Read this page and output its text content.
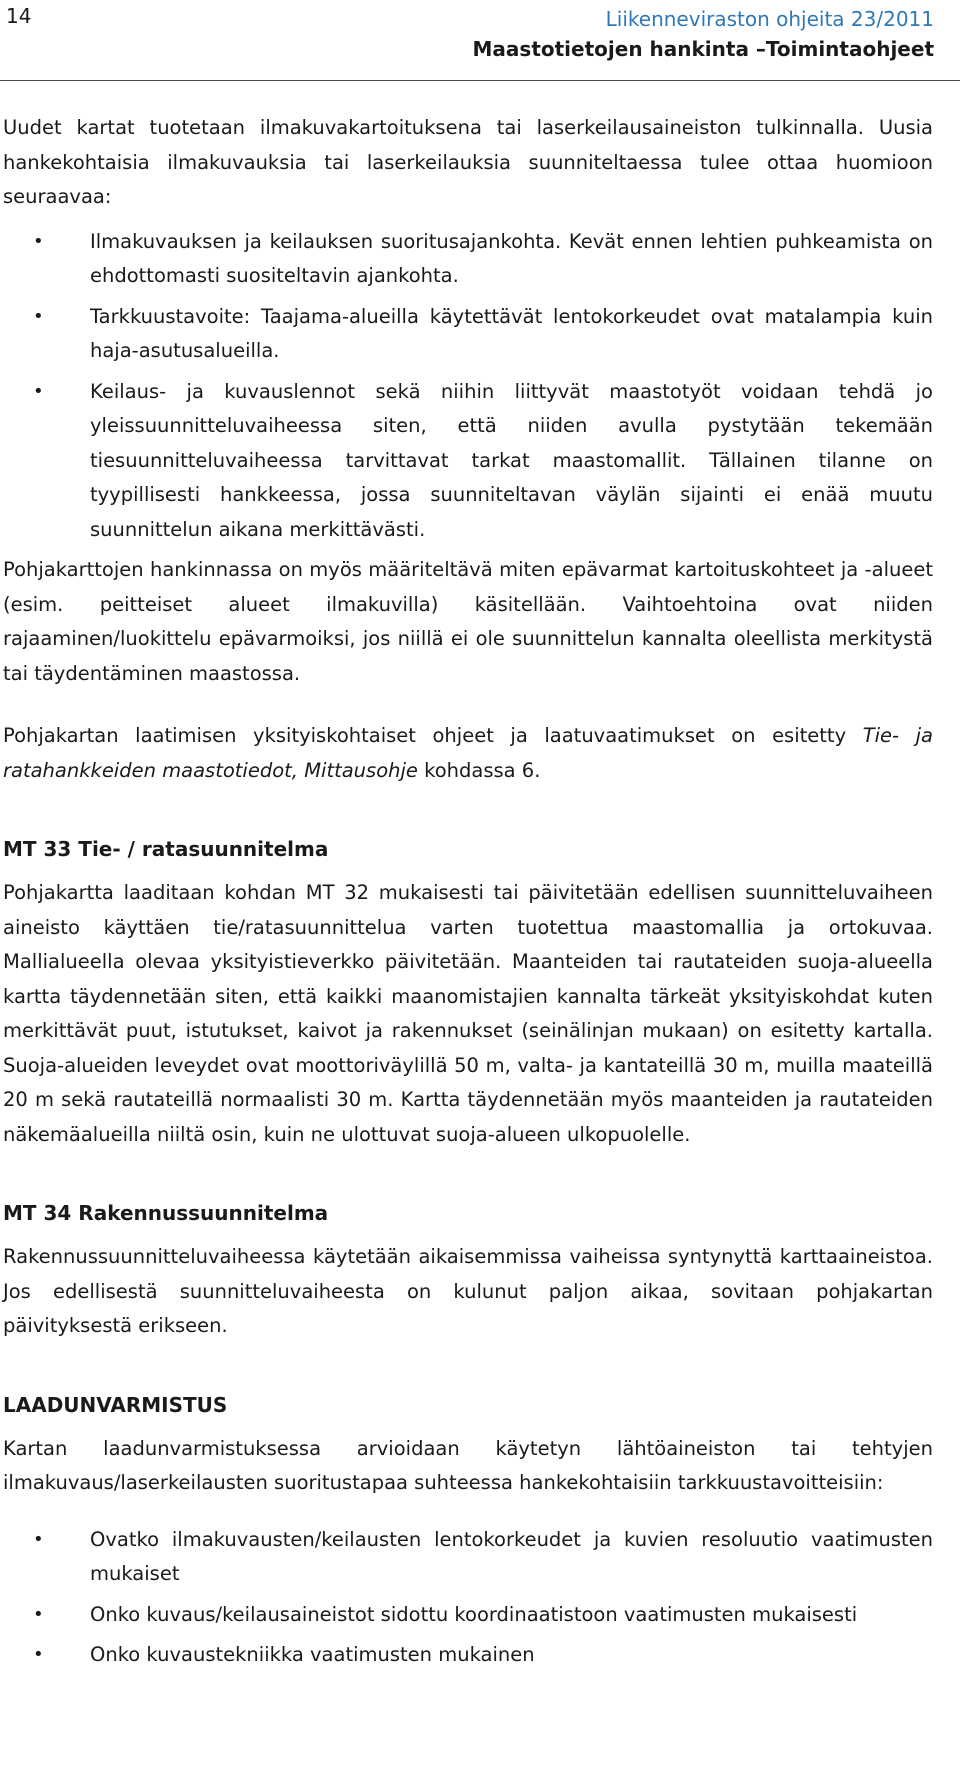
14	Liikenneviraston ohjeita 23/2011
Maastotietojen hankinta –Toimintaohjeet

Uudet kartat tuotetaan ilmakuvakartoituksena tai laserkeilausaineiston tulkinnalla. Uusia hankekohtaisia ilmakuvauksia tai laserkeilauksia suunniteltaessa tulee ottaa huomioon seuraavaa:

• Ilmakuvauksen ja keilauksen suoritusajankohta. Kevät ennen lehtien puhkeamista on ehdottomasti suositeltavin ajankohta.
• Tarkkuustavoite: Taajama-alueilla käytettävät lentokorkeudet ovat matalampia kuin haja-asutusalueilla.
• Keilaus- ja kuvauslennot sekä niihin liittyvät maastotyöt voidaan tehdä jo yleissuunnitteluvaiheessa siten, että niiden avulla pystytään tekemään tiesuunnitteluvaiheessa tarvittavat tarkat maastomallit. Tällainen tilanne on tyypillisesti hankkeessa, jossa suunniteltavan väylän sijainti ei enää muutu suunnittelun aikana merkittävästi.

Pohjakarttojen hankinnassa on myös määriteltävä miten epävarmat kartoituskohteet ja -alueet (esim. peitteiset alueet ilmakuvilla) käsitellään. Vaihtoehtoina ovat niiden rajaaminen/luokittelu epävarmoiksi, jos niillä ei ole suunnittelun kannalta oleellista merkitystä tai täydentäminen maastossa.

Pohjakartan laatimisen yksityiskohtaiset ohjeet ja laatuvaatimukset on esitetty Tie- ja ratahankkeiden maastotiedot, Mittausohje kohdassa 6.

MT 33 Tie- / ratasuunnitelma

Pohjakartta laaditaan kohdan MT 32 mukaisesti tai päivitetään edellisen suunnitteluvaiheen aineisto käyttäen tie/ratasuunnittelua varten tuotettua maastomallia ja ortokuvaa. Mallialueella olevaa yksityistieverkko päivitetään. Maanteiden tai rautateiden suoja-alueella kartta täydennetään siten, että kaikki maanomistajien kannalta tärkeät yksityiskohdat kuten merkittävät puut, istutukset, kaivot ja rakennukset (seinälinjan mukaan) on esitetty kartalla. Suoja-alueiden leveydet ovat moottoriväylillä 50 m, valta- ja kantateillä 30 m, muilla maateillä 20 m sekä rautateillä normaalisti 30 m. Kartta täydennetään myös maanteiden ja rautateiden näkemäalueilla niiltä osin, kuin ne ulottuvat suoja-alueen ulkopuolelle.

MT 34 Rakennussuunnitelma

Rakennussuunnitteluvaiheessa käytetään aikaisemmissa vaiheissa syntynyttä karttaaineistoa. Jos edellisestä suunnitteluvaiheesta on kulunut paljon aikaa, sovitaan pohjakartan päivityksestä erikseen.

LAADUNVARMISTUS

Kartan laadunvarmistuksessa arvioidaan käytetyn lähtöaineiston tai tehtyjen ilmakuvaus/laserkeilausten suoritustapaa suhteessa hankekohtaisiin tarkkuustavoitteisiin:

• Ovatko ilmakuvausten/keilausten lentokorkeudet ja kuvien resoluutio vaatimusten mukaiset
• Onko kuvaus/keilausaineistot sidottu koordinaatistoon vaatimusten mukaisesti
• Onko kuvaustekniikka vaatimusten mukainen
